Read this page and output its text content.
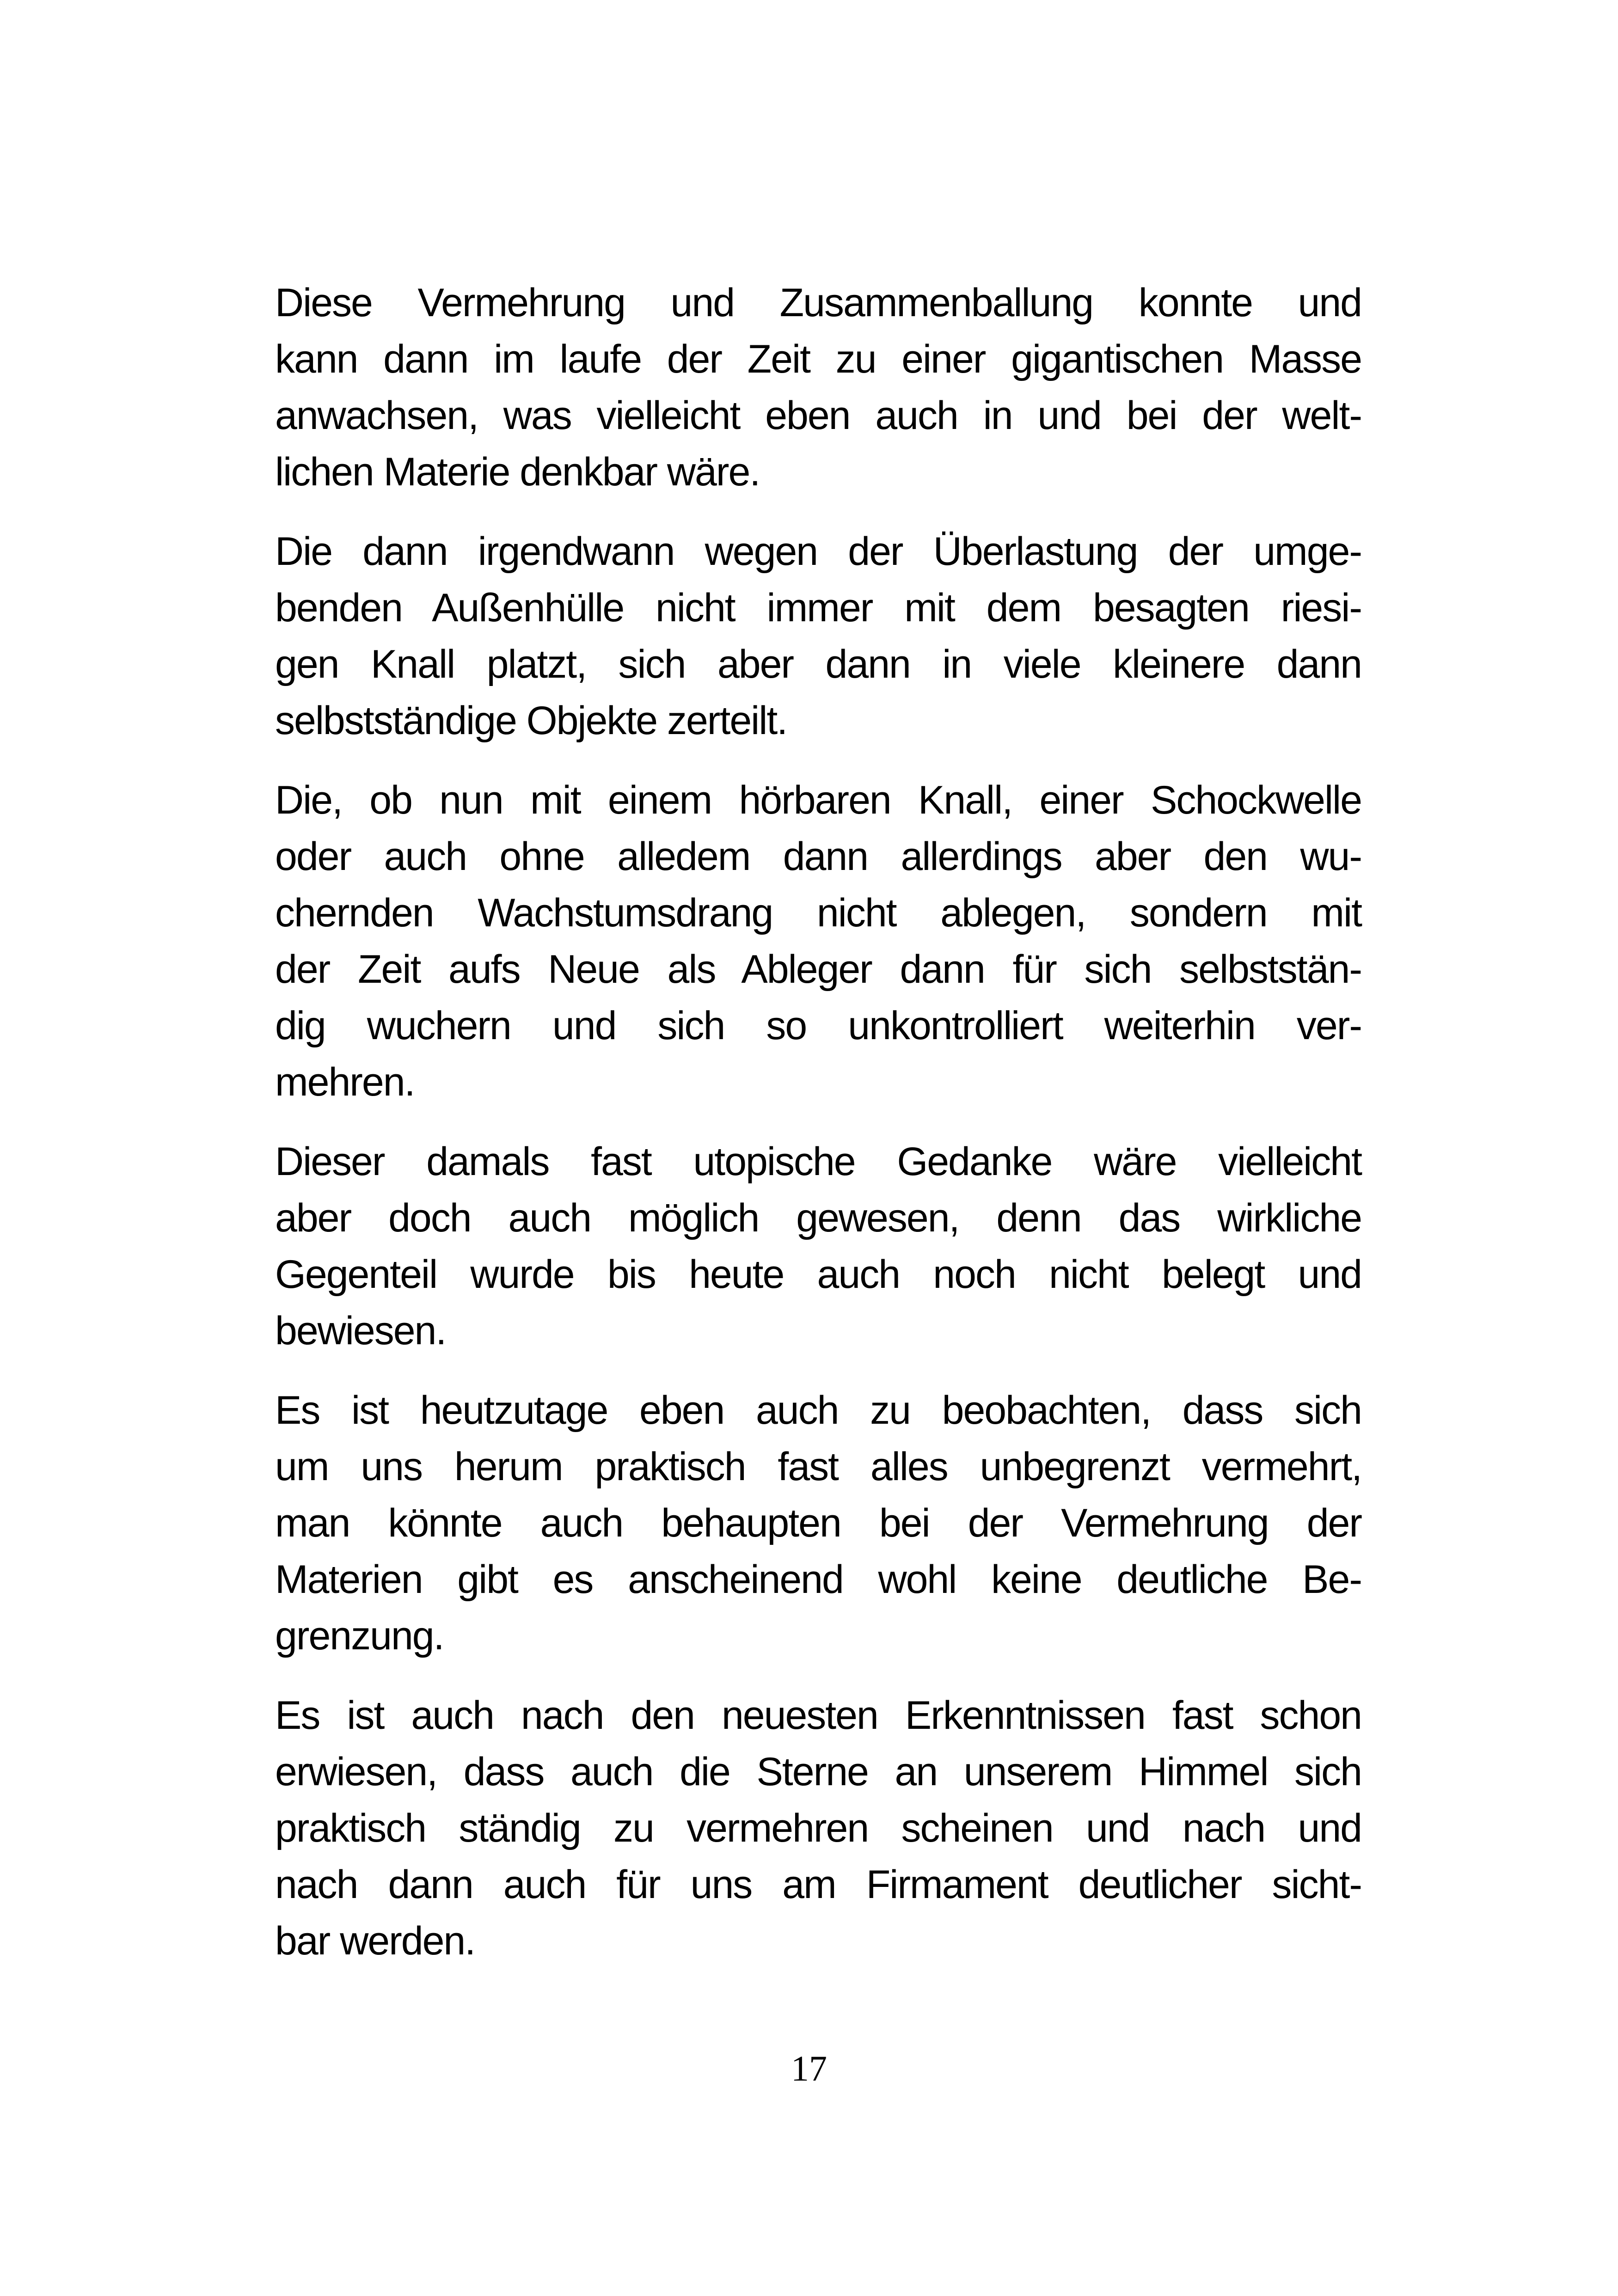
Diese Vermehrung und Zusammenballung konnte und
kann dann im laufe der Zeit zu einer gigantischen Masse
anwachsen, was vielleicht eben auch in und bei der welt-
lichen Materie denkbar wäre.
Die dann irgendwann wegen der Überlastung der umge-
benden Außenhülle nicht immer mit dem besagten riesi-
gen Knall platzt, sich aber dann in viele kleinere dann
selbstständige Objekte zerteilt.
Die, ob nun mit einem hörbaren Knall, einer Schockwelle
oder auch ohne alledem dann allerdings aber den wu-
chernden Wachstumsdrang nicht ablegen, sondern mit
der Zeit aufs Neue als Ableger dann für sich selbststän-
dig wuchern und sich so unkontrolliert weiterhin ver-
mehren.
Dieser damals fast utopische Gedanke wäre vielleicht
aber doch auch möglich gewesen, denn das wirkliche
Gegenteil wurde bis heute auch noch nicht belegt und
bewiesen.
Es ist heutzutage eben auch zu beobachten, dass sich
um uns herum praktisch fast alles unbegrenzt vermehrt,
man könnte auch behaupten bei der Vermehrung der
Materien gibt es anscheinend wohl keine deutliche Be-
grenzung.
Es ist auch nach den neuesten Erkenntnissen fast schon
erwiesen, dass auch die Sterne an unserem Himmel sich
praktisch ständig zu vermehren scheinen und nach und
nach dann auch für uns am Firmament deutlicher sicht-
bar werden.
17
